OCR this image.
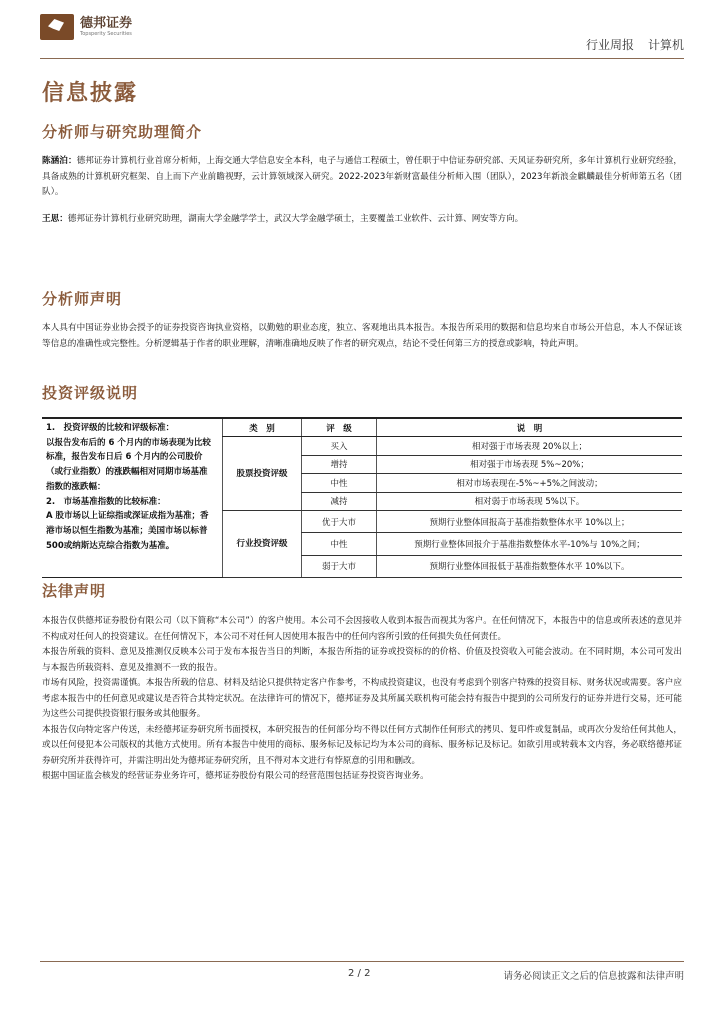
德邦证券
Topsperity Securities
行业周报 计算机
信息披露
分析师与研究助理简介
陈涵泊：德邦证券计算机行业首席分析师，上海交通大学信息安全本科，电子与通信工程硕士，曾任职于中信证券研究部、天风证券研究所，多年计算机行业研究经验，具备成熟的计算机研究框架、自上而下产业前瞻视野，云计算领域深入研究。2022-2023年新财富最佳分析师入围（团队），2023年新浪金麒麟最佳分析师第五名（团队）。
王思：德邦证券计算机行业研究助理，湖南大学金融学学士，武汉大学金融学硕士，主要覆盖工业软件、云计算、网安等方向。
分析师声明
本人具有中国证券业协会授予的证券投资咨询执业资格，以勤勉的职业态度，独立、客观地出具本报告。本报告所采用的数据和信息均来自市场公开信息，本人不保证该等信息的准确性或完整性。分析逻辑基于作者的职业理解，清晰准确地反映了作者的研究观点，结论不受任何第三方的授意或影响，特此声明。
投资评级说明
1.　投资评级的比较和评级标准：
以报告发布后的 6 个月内的市场表现为比较标准，报告发布日后 6 个月内的公司股价（或行业指数）的涨跌幅相对同期市场基准指数的涨跌幅：
2.　市场基准指数的比较标准：
A 股市场以上证综指或深证成指为基准；香港市场以恒生指数为基准；美国市场以标普500或纳斯达克综合指数为基准。	类　别	评　级	说　明
	股票投资评级	买入	相对强于市场表现 20%以上；
		增持	相对强于市场表现 5%~20%；
		中性	相对市场表现在-5%~+5%之间波动；
		减持	相对弱于市场表现 5%以下。
	行业投资评级	优于大市	预期行业整体回报高于基准指数整体水平 10%以上；
		中性	预期行业整体回报介于基准指数整体水平-10%与 10%之间；
		弱于大市	预期行业整体回报低于基准指数整体水平 10%以下。
法律声明
本报告仅供德邦证券股份有限公司（以下简称“本公司”）的客户使用。本公司不会因接收人收到本报告而视其为客户。在任何情况下，本报告中的信息或所表述的意见并不构成对任何人的投资建议。在任何情况下，本公司不对任何人因使用本报告中的任何内容所引致的任何损失负任何责任。
本报告所载的资料、意见及推测仅反映本公司于发布本报告当日的判断，本报告所指的证券或投资标的的价格、价值及投资收入可能会波动。在不同时期，本公司可发出与本报告所载资料、意见及推测不一致的报告。
市场有风险，投资需谨慎。本报告所载的信息、材料及结论只提供特定客户作参考，不构成投资建议，也没有考虑到个别客户特殊的投资目标、财务状况或需要。客户应考虑本报告中的任何意见或建议是否符合其特定状况。在法律许可的情况下，德邦证券及其所属关联机构可能会持有报告中提到的公司所发行的证券并进行交易，还可能为这些公司提供投资银行服务或其他服务。
本报告仅向特定客户传送，未经德邦证券研究所书面授权，本研究报告的任何部分均不得以任何方式制作任何形式的拷贝、复印件或复制品，或再次分发给任何其他人，或以任何侵犯本公司版权的其他方式使用。所有本报告中使用的商标、服务标记及标记均为本公司的商标、服务标记及标记。如欲引用或转载本文内容，务必联络德邦证券研究所并获得许可，并需注明出处为德邦证券研究所，且不得对本文进行有悖原意的引用和删改。
根据中国证监会核发的经营证券业务许可，德邦证券股份有限公司的经营范围包括证券投资咨询业务。
2 / 2	请务必阅读正文之后的信息披露和法律声明
